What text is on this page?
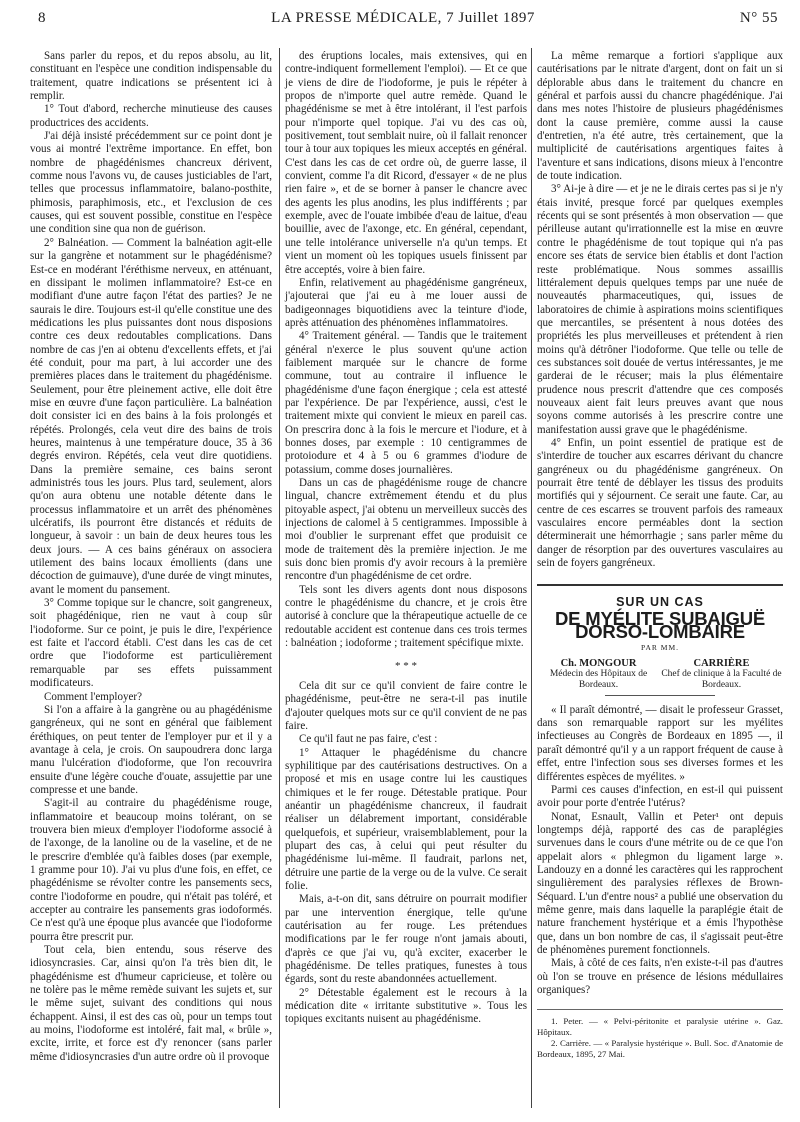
8	LA PRESSE MÉDICALE, 7 Juillet 1897	N° 55

Sans parler du repos, et du repos absolu, au lit, constituant en l'espèce une condition indispensable du traitement, quatre indications se présentent ici à remplir.

1° Tout d'abord, recherche minutieuse des causes productrices des accidents.

J'ai déjà insisté précédemment sur ce point dont je vous ai montré l'extrême importance. En effet, bon nombre de phagédénismes chancreux dérivent, comme nous l'avons vu, de causes justiciables de l'art, telles que processus inflammatoire, balano-posthite, phimosis, paraphimosis, etc., et l'exclusion de ces causes, qui est souvent possible, constitue en l'espèce une condition sine qua non de guérison.

2° Balnéation. — Comment la balnéation agit-elle sur la gangrène et notamment sur le phagédénisme? Est-ce en modérant l'éréthisme nerveux, en atténuant, en dissipant le molimen inflammatoire? Est-ce en modifiant d'une autre façon l'état des parties? Je ne saurais le dire. Toujours est-il qu'elle constitue une des médications les plus puissantes dont nous disposions contre ces deux redoutables complications. Dans nombre de cas j'en ai obtenu d'excellents effets, et j'ai été conduit, pour ma part, à lui accorder une des premières places dans le traitement du phagédénisme. Seulement, pour être pleinement active, elle doit être mise en œuvre d'une façon particulière. La balnéation doit consister ici en des bains à la fois prolongés et répétés. Prolongés, cela veut dire des bains de trois heures, maintenus à une température douce, 35 à 36 degrés environ. Répétés, cela veut dire quotidiens. Dans la première semaine, ces bains seront administrés tous les jours. Plus tard, seulement, alors qu'on aura obtenu une notable détente dans le processus inflammatoire et un arrêt des phénomènes ulcératifs, ils pourront être distancés et réduits de longueur, à savoir : un bain de deux heures tous les deux jours. — A ces bains généraux on associera utilement des bains locaux émollients (dans une décoction de guimauve), d'une durée de vingt minutes, avant le moment du pansement.

3° Comme topique sur le chancre, soit gangreneux, soit phagédénique, rien ne vaut à coup sûr l'iodoforme. Sur ce point, je puis le dire, l'expérience est faite et l'accord établi. C'est dans les cas de cet ordre que l'iodoforme est particulièrement remarquable par ses effets puissamment modificateurs.

Comment l'employer?

Si l'on a affaire à la gangrène ou au phagédénisme gangréneux, qui ne sont en général que faiblement éréthiques, on peut tenter de l'employer pur et il y a avantage à cela, je crois. On saupoudrera donc larga manu l'ulcération d'iodoforme, que l'on recouvrira ensuite d'une légère couche d'ouate, assujettie par une compresse et une bande.

S'agit-il au contraire du phagédénisme rouge, inflammatoire et beaucoup moins tolérant, on se trouvera bien mieux d'employer l'iodoforme associé à de l'axonge, de la lanoline ou de la vaseline, et de ne le prescrire d'emblée qu'à faibles doses (par exemple, 1 gramme pour 10). J'ai vu plus d'une fois, en effet, ce phagédénisme se révolter contre les pansements secs, contre l'iodoforme en poudre, qui n'était pas toléré, et accepter au contraire les pansements gras iodoformés. Ce n'est qu'à une époque plus avancée que l'iodoforme pourra être prescrit pur.

Tout cela, bien entendu, sous réserve des idiosyncrasies. Car, ainsi qu'on l'a très bien dit, le phagédénisme est d'humeur capricieuse, et tolère ou ne tolère pas le même remède suivant les sujets et, sur le même sujet, suivant des conditions qui nous échappent. Ainsi, il est des cas où, pour un temps tout au moins, l'iodoforme est intoléré, fait mal, « brûle », excite, irrite, et force est d'y renoncer (sans parler même d'idiosyncrasies d'un autre ordre où il provoque

des éruptions locales, mais extensives, qui en contre-indiquent formellement l'emploi). — Et ce que je viens de dire de l'iodoforme, je puis le répéter à propos de n'importe quel autre remède. Quand le phagédénisme se met à être intolérant, il l'est parfois pour n'importe quel topique. J'ai vu des cas où, positivement, tout semblait nuire, où il fallait renoncer tour à tour aux topiques les mieux acceptés en général. C'est dans les cas de cet ordre où, de guerre lasse, il convient, comme l'a dit Ricord, d'essayer « de ne plus rien faire », et de se borner à panser le chancre avec des agents les plus anodins, les plus indifférents ; par exemple, avec de l'ouate imbibée d'eau de laitue, d'eau bouillie, avec de l'axonge, etc. En général, cependant, une telle intolérance universelle n'a qu'un temps. Et vient un moment où les topiques usuels finissent par être acceptés, voire à bien faire.

Enfin, relativement au phagédénisme gangréneux, j'ajouterai que j'ai eu à me louer aussi de badigeonnages biquotidiens avec la teinture d'iode, après atténuation des phénomènes inflammatoires.

4° Traitement général. — Tandis que le traitement général n'exerce le plus souvent qu'une action faiblement marquée sur le chancre de forme commune, tout au contraire il influence le phagédénisme d'une façon énergique ; cela est attesté par l'expérience. De par l'expérience, aussi, c'est le traitement mixte qui convient le mieux en pareil cas. On prescrira donc à la fois le mercure et l'iodure, et à bonnes doses, par exemple : 10 centigrammes de protoiodure et 4 à 5 ou 6 grammes d'iodure de potassium, comme doses journalières.

Dans un cas de phagédénisme rouge de chancre lingual, chancre extrêmement étendu et du plus pitoyable aspect, j'ai obtenu un merveilleux succès des injections de calomel à 5 centigrammes. Impossible à moi d'oublier le surprenant effet que produisit ce mode de traitement dès la première injection. Je me suis donc bien promis d'y avoir recours à la première rencontre d'un phagédénisme de cet ordre.

Tels sont les divers agents dont nous disposons contre le phagédénisme du chancre, et je crois être autorisé à conclure que la thérapeutique actuelle de ce redoutable accident est contenue dans ces trois termes : balnéation ; iodoforme ; traitement spécifique mixte.

* * *

Cela dit sur ce qu'il convient de faire contre le phagédénisme, peut-être ne sera-t-il pas inutile d'ajouter quelques mots sur ce qu'il convient de ne pas faire.

Ce qu'il faut ne pas faire, c'est :

1° Attaquer le phagédénisme du chancre syphilitique par des cautérisations destructives. On a proposé et mis en usage contre lui les caustiques chimiques et le fer rouge. Détestable pratique. Pour anéantir un phagédénisme chancreux, il faudrait réaliser un délabrement important, considérable quelquefois, et supérieur, vraisemblablement, pour la plupart des cas, à celui qui peut résulter du phagédénisme lui-même. Il faudrait, parlons net, détruire une partie de la verge ou de la vulve. Ce serait folie.

Mais, a-t-on dit, sans détruire on pourrait modifier par une intervention énergique, telle qu'une cautérisation au fer rouge. Les prétendues modifications par le fer rouge n'ont jamais abouti, d'après ce que j'ai vu, qu'à exciter, exacerber le phagédénisme. De telles pratiques, funestes à tous égards, sont du reste abandonnées actuellement.

2° Détestable également est le recours à la médication dite « irritante substitutive ». Tous les topiques excitants nuisent au phagédénisme.

La même remarque a fortiori s'applique aux cautérisations par le nitrate d'argent, dont on fait un si déplorable abus dans le traitement du chancre en général et parfois aussi du chancre phagédénique. J'ai dans mes notes l'histoire de plusieurs phagédénismes dont la cause première, comme aussi la cause d'entretien, n'a été autre, très certainement, que la multiplicité de cautérisations argentiques faites à l'aventure et sans indications, disons mieux à l'encontre de toute indication.

3° Ai-je à dire — et je ne le dirais certes pas si je n'y étais invité, presque forcé par quelques exemples récents qui se sont présentés à mon observation — que périlleuse autant qu'irrationnelle est la mise en œuvre contre le phagédénisme de tout topique qui n'a pas encore ses états de service bien établis et dont l'action reste problématique. Nous sommes assaillis littéralement depuis quelques temps par une nuée de nouveautés pharmaceutiques, qui, issues de laboratoires de chimie à aspirations moins scientifiques que mercantiles, se présentent à nous dotées des propriétés les plus merveilleuses et prétendent à rien moins qu'à détrôner l'iodoforme. Que telle ou telle de ces substances soit douée de vertus intéressantes, je me garderai de le récuser; mais la plus élémentaire prudence nous prescrit d'attendre que ces composés nouveaux aient fait leurs preuves avant que nous soyons comme autorisés à les prescrire contre une manifestation aussi grave que le phagédénisme.

4° Enfin, un point essentiel de pratique est de s'interdire de toucher aux escarres dérivant du chancre gangréneux ou du phagédénisme gangréneux. On pourrait être tenté de déblayer les tissus des produits mortifiés qui y séjournent. Ce serait une faute. Car, au centre de ces escarres se trouvent parfois des rameaux vasculaires encore perméables dont la section déterminerait une hémorrhagie ; sans parler même du danger de résorption par des ouvertures vasculaires au sein de foyers gangréneux.

SUR UN CAS
DE MYÉLITE SUBAIGUË DORSO-LOMBAIRE
PAR MM.
Ch. MONGOUR
Médecin des Hôpitaux de Bordeaux.
CARRIÈRE
Chef de clinique à la Faculté de Bordeaux.

« Il paraît démontré, — disait le professeur Grasset, dans son remarquable rapport sur les myélites infectieuses au Congrès de Bordeaux en 1895 —, il paraît démontré qu'il y a un rapport fréquent de cause à effet, entre l'infection sous ses diverses formes et les différentes espèces de myélites. »

Parmi ces causes d'infection, en est-il qui puissent avoir pour porte d'entrée l'utérus?

Nonat, Esnault, Vallin et Peter¹ ont depuis longtemps déjà, rapporté des cas de paraplégies survenues dans le cours d'une métrite ou de ce que l'on appelait alors « phlegmon du ligament large ». Landouzy en a donné les caractères qui les rapprochent singulièrement des paralysies réflexes de Brown-Séquard. L'un d'entre nous² a publié une observation du même genre, mais dans laquelle la paraplégie était de nature franchement hystérique et a émis l'hypothèse que, dans un bon nombre de cas, il s'agissait peut-être de phénomènes purement fonctionnels.

Mais, à côté de ces faits, n'en existe-t-il pas d'autres où l'on se trouve en présence de lésions médullaires organiques?

1. Peter. — « Pelvi-péritonite et paralysie utérine ». Gaz. Hôpitaux.

2. Carrière. — « Paralysie hystérique ». Bull. Soc. d'Anatomie de Bordeaux, 1895, 27 Mai.
